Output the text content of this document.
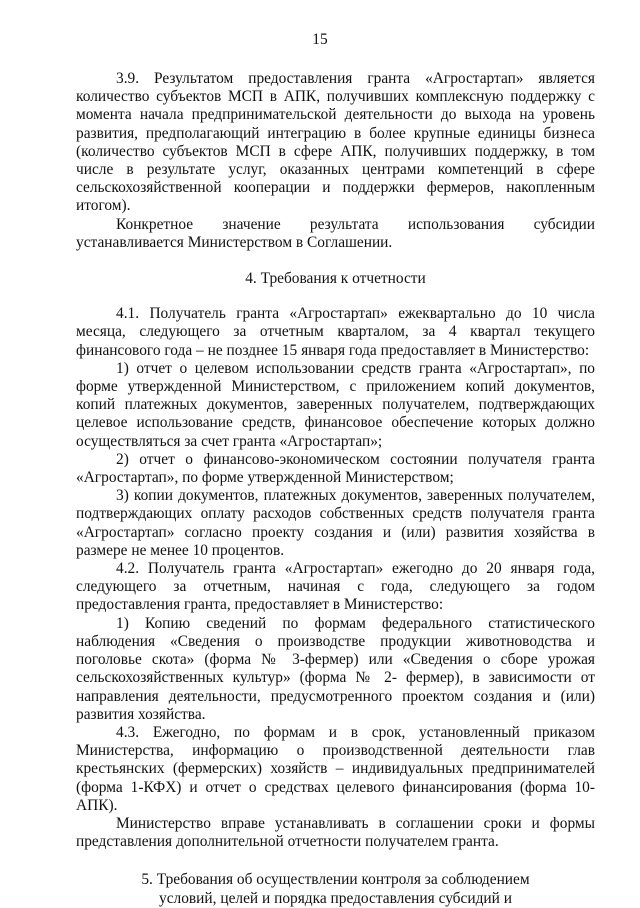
15

3.9. Результатом предоставления гранта «Агростартап» является количество субъектов МСП в АПК, получивших комплексную поддержку с момента начала предпринимательской деятельности до выхода на уровень развития, предполагающий интеграцию в более крупные единицы бизнеса (количество субъектов МСП в сфере АПК, получивших поддержку, в том числе в результате услуг, оказанных центрами компетенций в сфере сельскохозяйственной кооперации и поддержки фермеров, накопленным итогом).

Конкретное значение результата использования субсидии устанавливается Министерством в Соглашении.

4. Требования к отчетности

4.1. Получатель гранта «Агростартап» ежеквартально до 10 числа месяца, следующего за отчетным кварталом, за 4 квартал текущего финансового года – не позднее 15 января года предоставляет в Министерство:

1) отчет о целевом использовании средств гранта «Агростартап», по форме утвержденной Министерством, с приложением копий документов, копий платежных документов, заверенных получателем, подтверждающих целевое использование средств, финансовое обеспечение которых должно осуществляться за счет гранта «Агростартап»;

2) отчет о финансово-экономическом состоянии получателя гранта «Агростартап», по форме утвержденной Министерством;

3) копии документов, платежных документов, заверенных получателем, подтверждающих оплату расходов собственных средств получателя гранта «Агростартап» согласно проекту создания и (или) развития хозяйства в размере не менее 10 процентов.

4.2. Получатель гранта «Агростартап» ежегодно до 20 января года, следующего за отчетным, начиная с года, следующего за годом предоставления гранта, предоставляет в Министерство:

1) Копию сведений по формам федерального статистического наблюдения «Сведения о производстве продукции животноводства и поголовье скота» (форма № 3-фермер) или «Сведения о сборе урожая сельскохозяйственных культур» (форма № 2- фермер), в зависимости от направления деятельности, предусмотренного проектом создания и (или) развития хозяйства.

4.3. Ежегодно, по формам и в срок, установленный приказом Министерства, информацию о производственной деятельности глав крестьянских (фермерских) хозяйств – индивидуальных предпринимателей (форма 1-КФХ) и отчет о средствах целевого финансирования (форма 10-АПК).

Министерство вправе устанавливать в соглашении сроки и формы представления дополнительной отчетности получателем гранта.

5. Требования об осуществлении контроля за соблюдением

условий, целей и порядка предоставления субсидий и
